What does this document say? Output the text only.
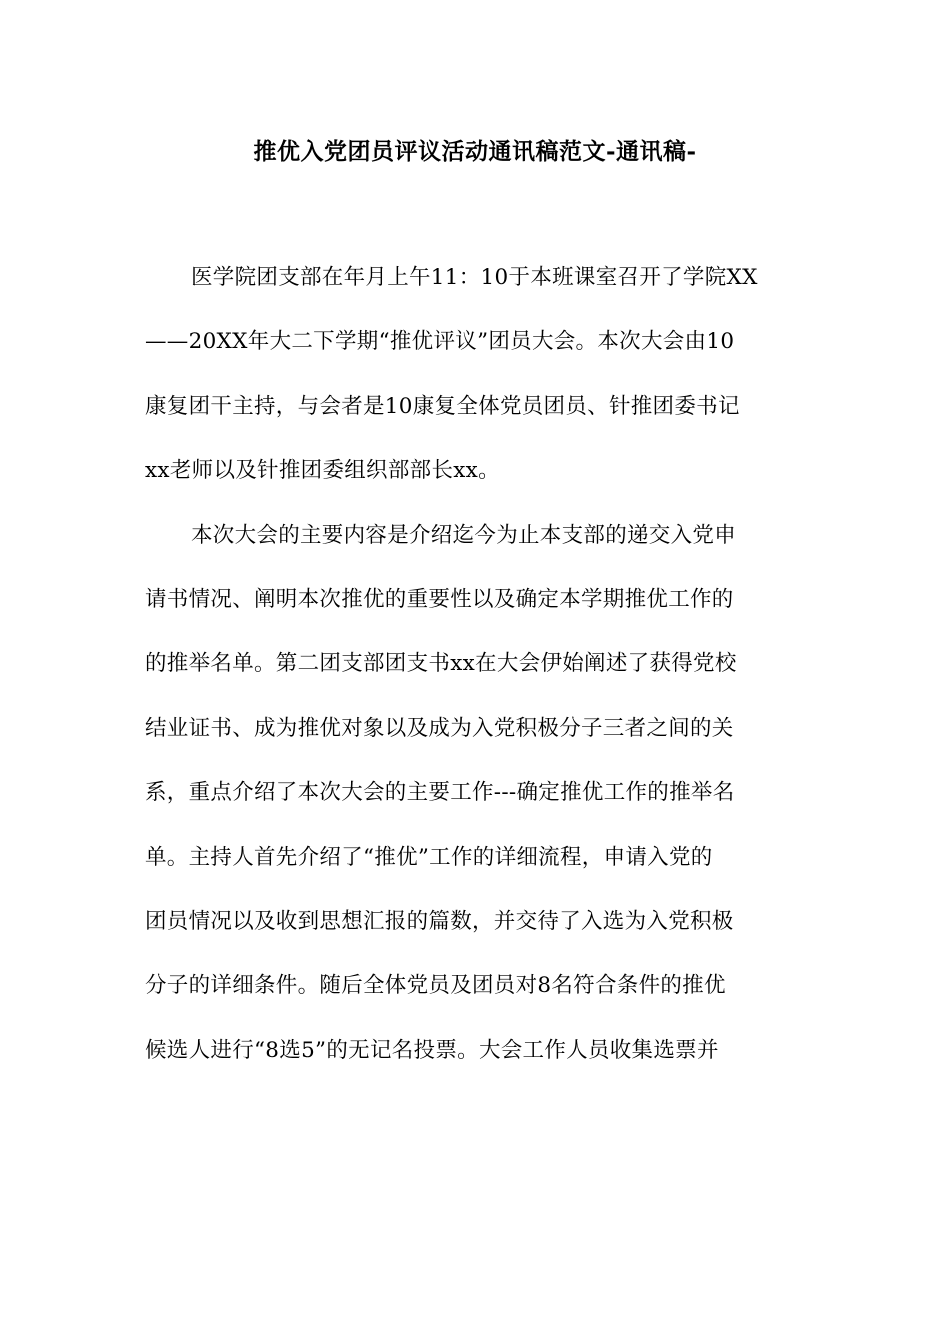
推优入党团员评议活动通讯稿范文-通讯稿-
医学院团支部在年月上午11：10于本班课室召开了学院XX
——20XX年大二下学期“推优评议”团员大会。本次大会由10
康复团干主持，与会者是10康复全体党员团员、针推团委书记
xx老师以及针推团委组织部部长xx。
本次大会的主要内容是介绍迄今为止本支部的递交入党申
请书情况、阐明本次推优的重要性以及确定本学期推优工作的
的推举名单。第二团支部团支书xx在大会伊始阐述了获得党校
结业证书、成为推优对象以及成为入党积极分子三者之间的关
系，重点介绍了本次大会的主要工作---确定推优工作的推举名
单。主持人首先介绍了“推优”工作的详细流程，申请入党的
团员情况以及收到思想汇报的篇数，并交待了入选为入党积极
分子的详细条件。随后全体党员及团员对8名符合条件的推优
候选人进行“8选5”的无记名投票。大会工作人员收集选票并
